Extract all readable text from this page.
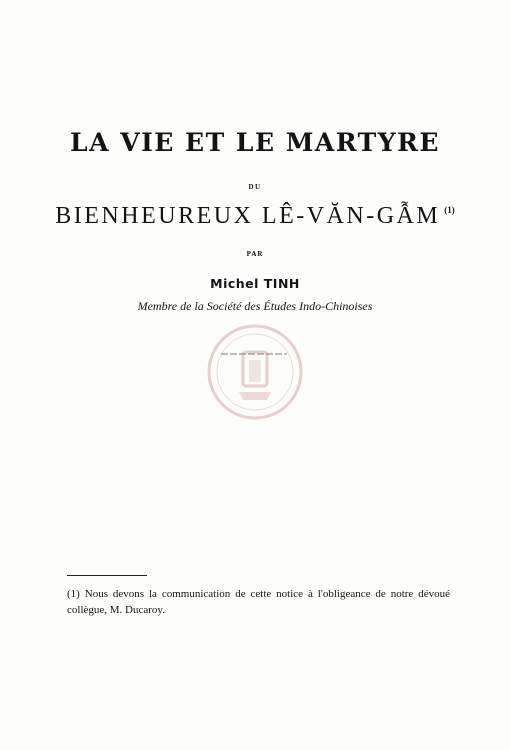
LA VIE ET LE MARTYRE
DU
BIENHEUREUX LÊ-VĂN-GẪM $^{(1)}$
PAR
Michel TINH
Membre de la Société des Études Indo-Chinoises
(1) Nous devons la communication de cette notice à l'obligeance de notre dévoué collègue, M. Ducaroy.
